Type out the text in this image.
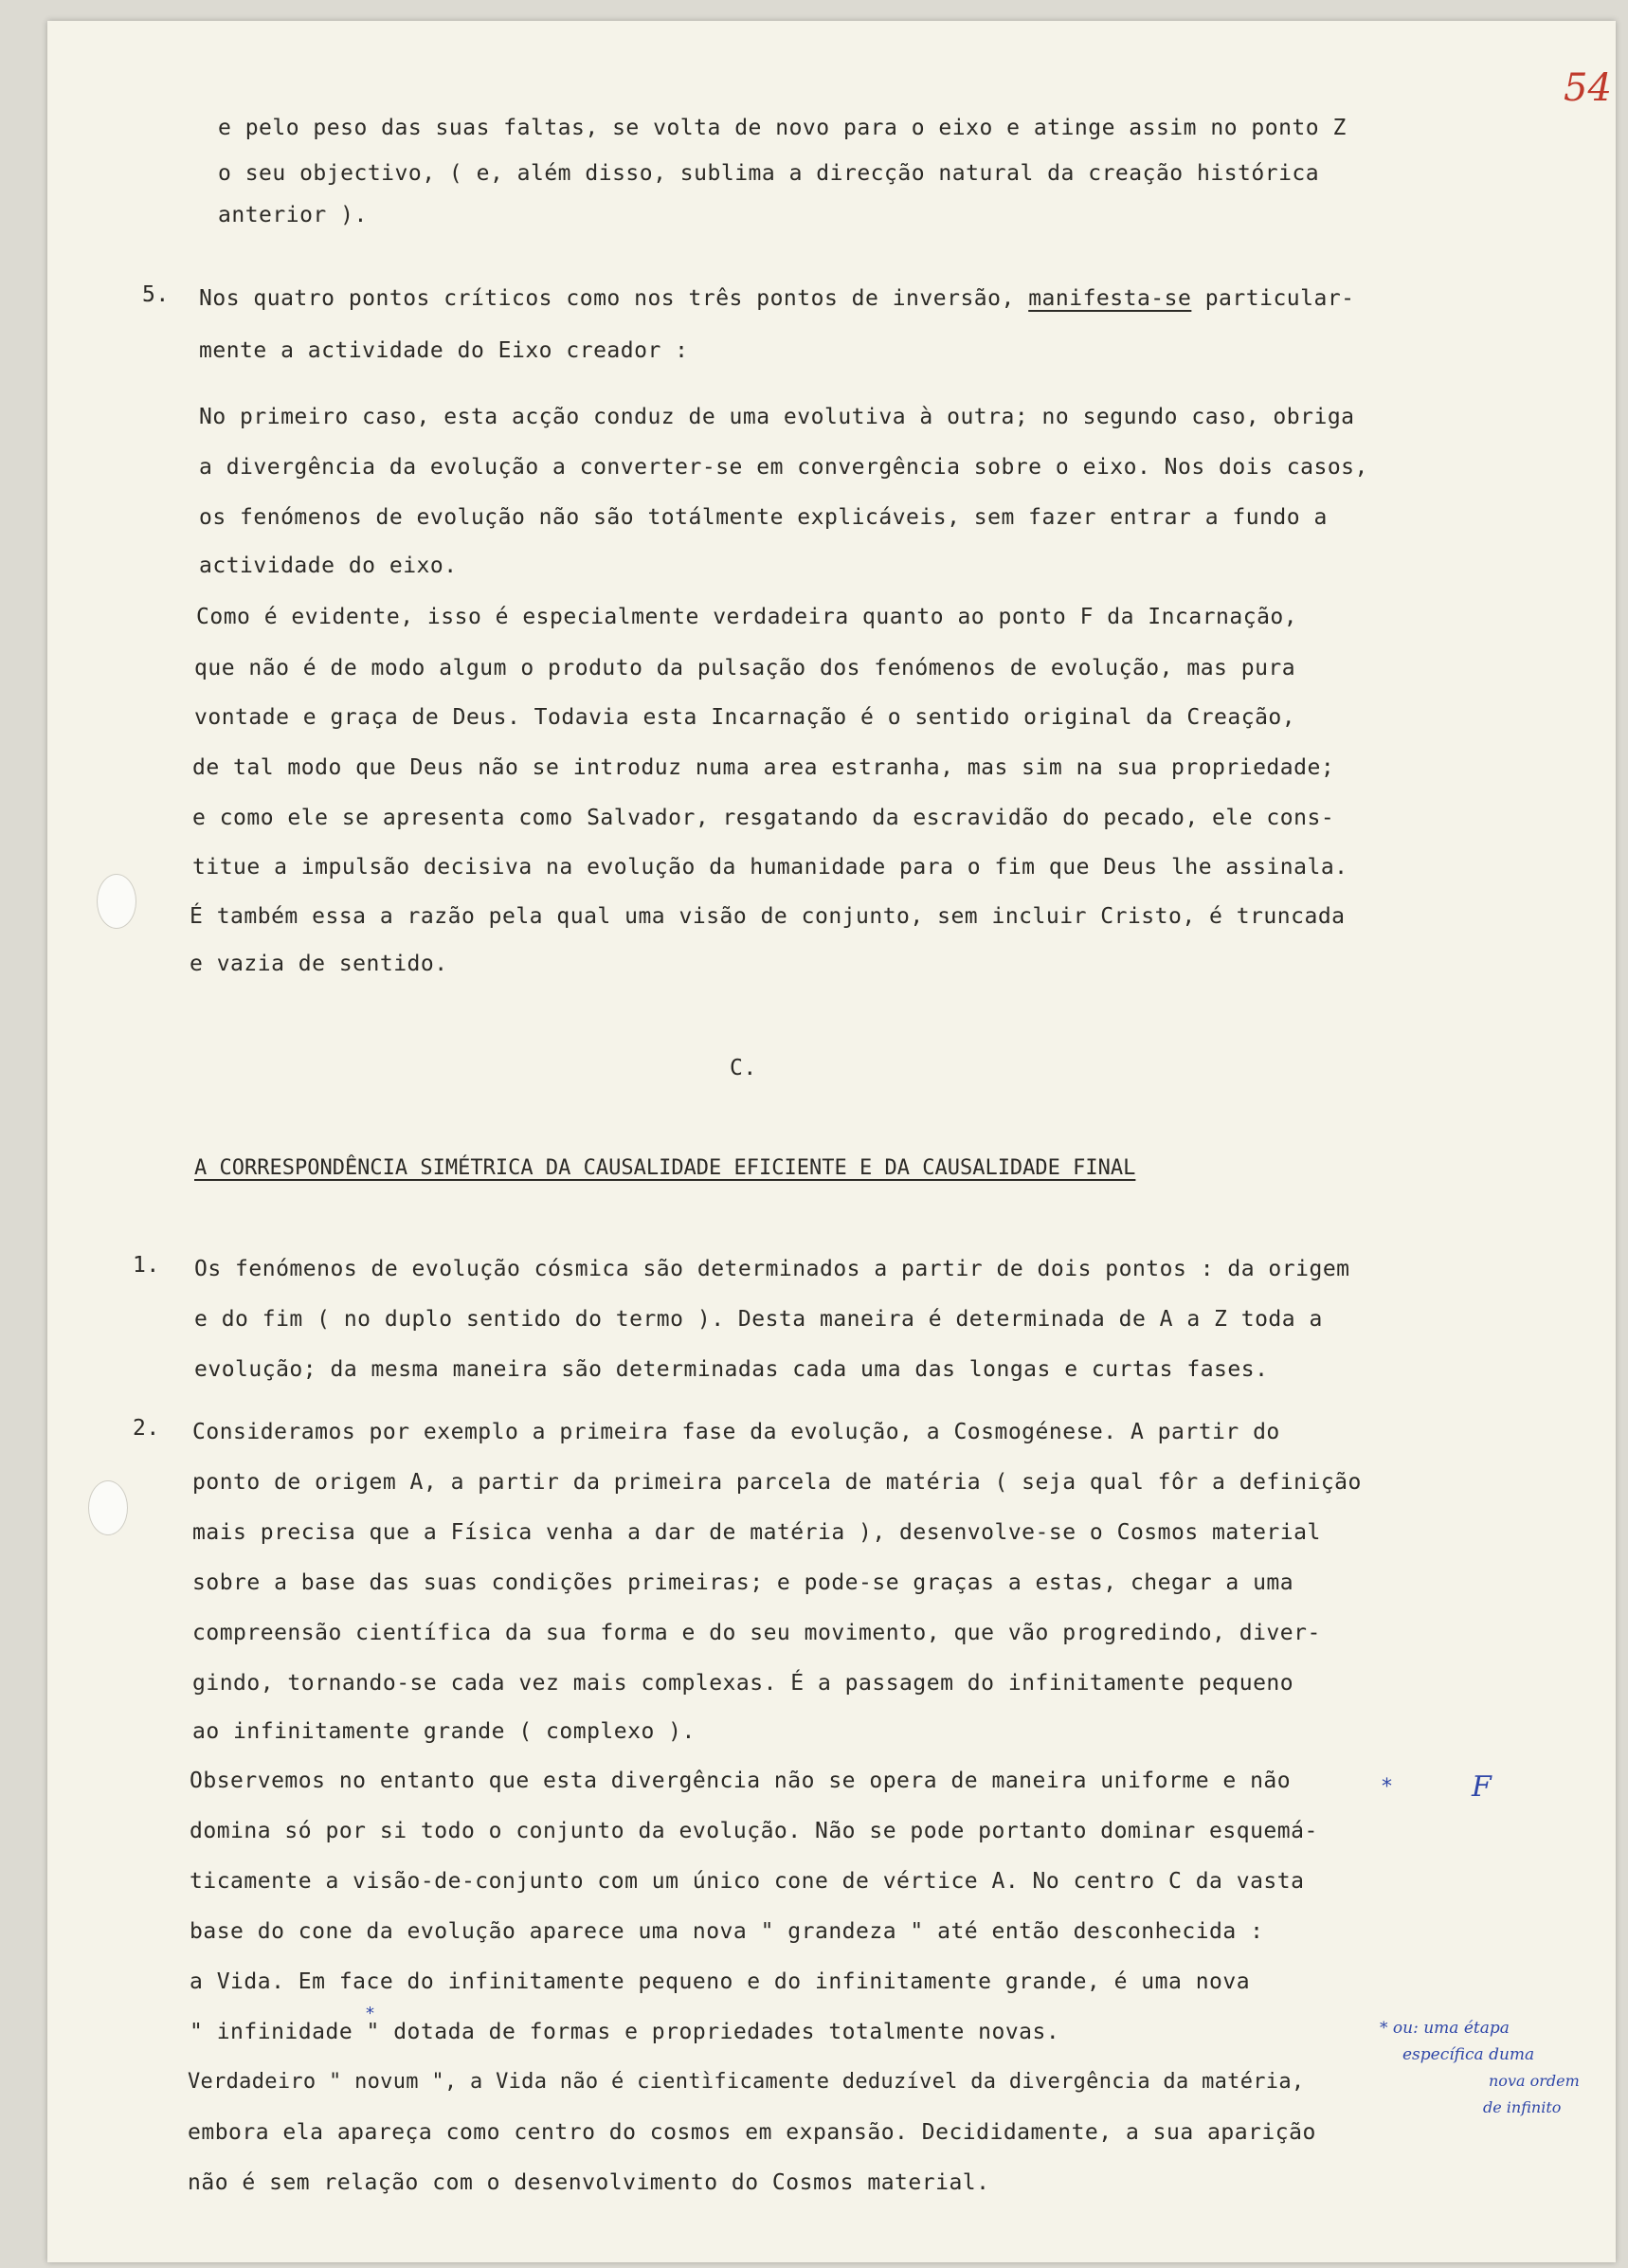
54
e pelo peso das suas faltas, se volta de novo para o eixo e atinge assim no ponto Z
o seu objectivo, ( e, além disso, sublima a direcção natural da creação histórica
anterior ).
5. Nos quatro pontos críticos como nos três pontos de inversão, manifesta-se particular-
mente a actividade do Eixo creador :
No primeiro caso, esta acção conduz de uma evolutiva à outra; no segundo caso, obriga
a divergência da evolução a converter-se em convergência sobre o eixo. Nos dois casos,
os fenómenos de evolução não são totálmente explicáveis, sem fazer entrar a fundo a
actividade do eixo.
Como é evidente, isso é especialmente verdadeira quanto ao ponto F da Incarnação,
que não é de modo algum o produto da pulsação dos fenómenos de evolução, mas pura
vontade e graça de Deus. Todavia esta Incarnação é o sentido original da Creação,
de tal modo que Deus não se introduz numa area estranha, mas sim na sua propriedade;
e como ele se apresenta como Salvador, resgatando da escravidão do pecado, ele cons-
titue a impulsão decisiva na evolução da humanidade para o fim que Deus lhe assinala.
É também essa a razão pela qual uma visão de conjunto, sem incluir Cristo, é truncada
e vazia de sentido.
C.
A CORRESPONDÊNCIA SIMÉTRICA DA CAUSALIDADE EFICIENTE E DA CAUSALIDADE FINAL
1. Os fenómenos de evolução cósmica são determinados a partir de dois pontos : da origem
e do fim ( no duplo sentido do termo ). Desta maneira é determinada de A a Z toda a
evolução; da mesma maneira são determinadas cada uma das longas e curtas fases.
2. Consideramos por exemplo a primeira fase da evolução, a Cosmogénese. A partir do
ponto de origem A, a partir da primeira parcela de matéria ( seja qual fôr a definição
mais precisa que a Física venha a dar de matéria ), desenvolve-se o Cosmos material
sobre a base das suas condições primeiras; e pode-se graças a estas, chegar a uma
compreensão científica da sua forma e do seu movimento, que vão progredindo, diver-
gindo, tornando-se cada vez mais complexas. É a passagem do infinitamente pequeno
ao infinitamente grande ( complexo ).
Observemos no entanto que esta divergência não se opera de maneira uniforme e não
domina só por si todo o conjunto da evolução. Não se pode portanto dominar esquemá-
ticamente a visão-de-conjunto com um único cone de vértice A. No centro C da vasta
base do cone da evolução aparece uma nova " grandeza " até então desconhecida :
a Vida. Em face do infinitamente pequeno e do infinitamente grande, é uma nova
" infinidade " dotada de formas e propriedades totalmente novas.
Verdadeiro " novum ", a Vida não é cientìficamente deduzível da divergência da matéria,
embora ela apareça como centro do cosmos em expansão. Decididamente, a sua aparição
não é sem relação com o desenvolvimento do Cosmos material.
*	F
*
* ou: uma étapa
específica duma
nova ordem
de infinito
